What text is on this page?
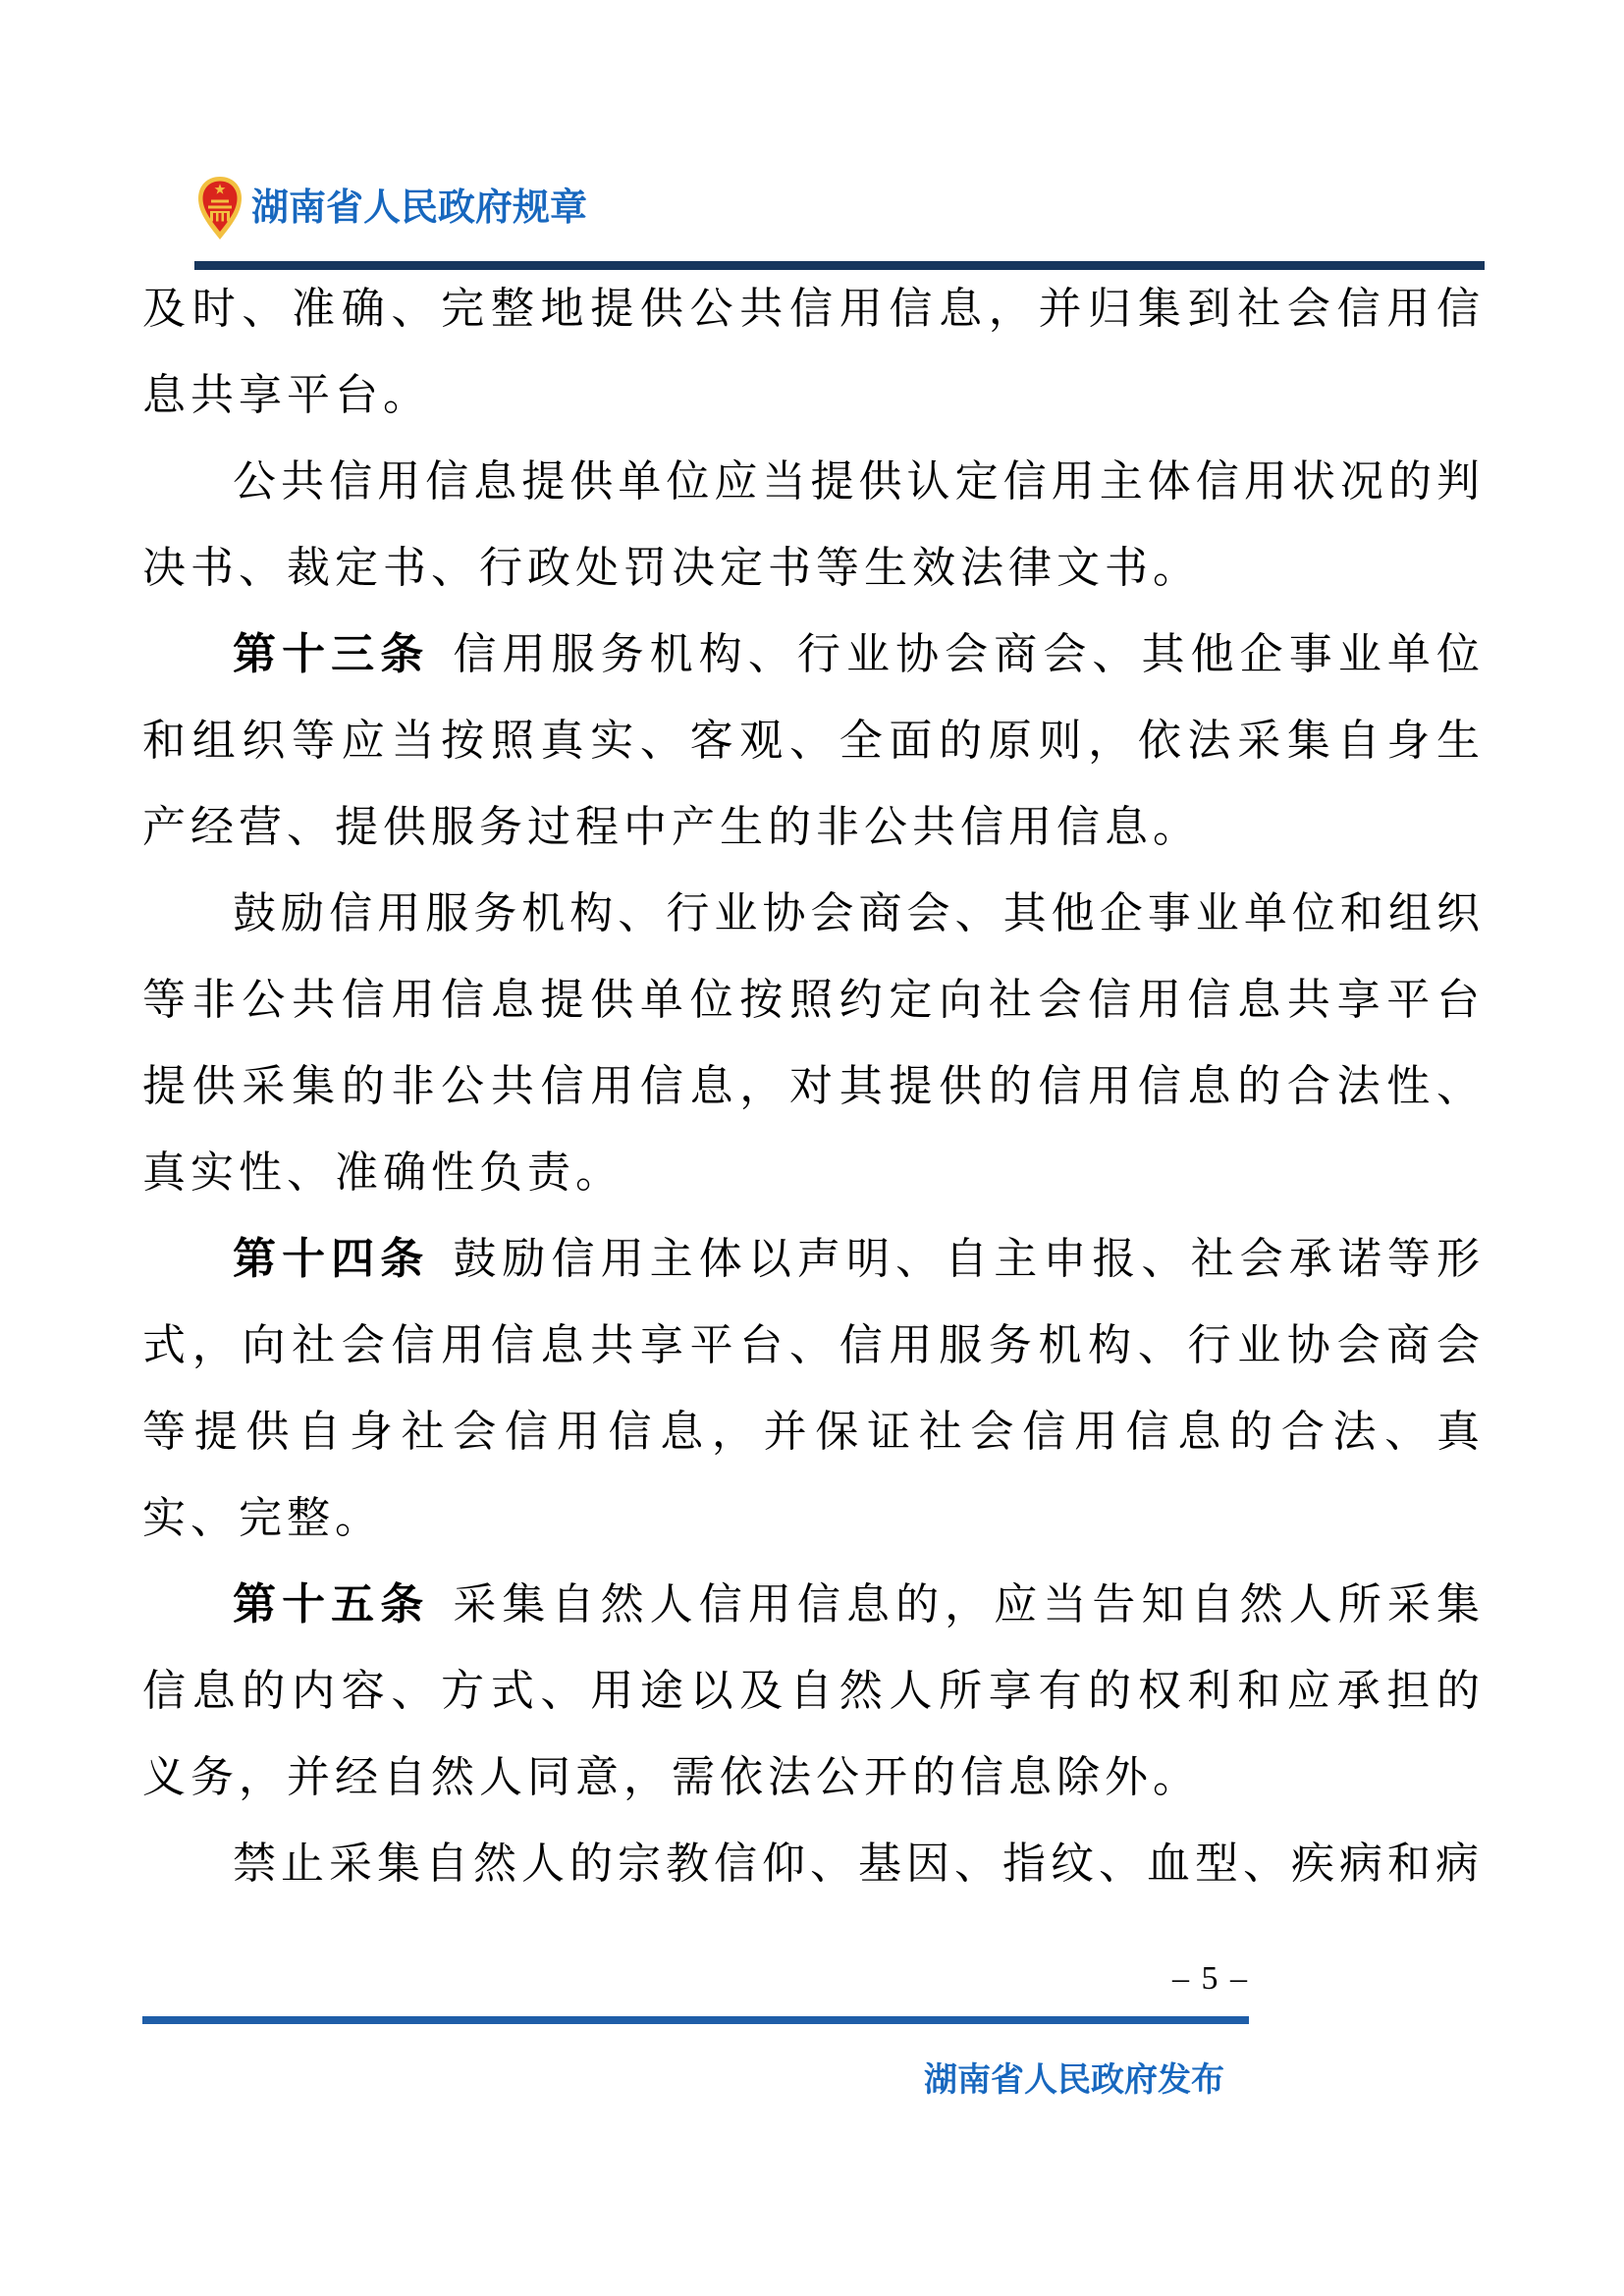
湖南省人民政府规章

及时、准确、完整地提供公共信用信息，并归集到社会信用信息共享平台。

公共信用信息提供单位应当提供认定信用主体信用状况的判决书、裁定书、行政处罚决定书等生效法律文书。

第十三条 信用服务机构、行业协会商会、其他企事业单位和组织等应当按照真实、客观、全面的原则，依法采集自身生产经营、提供服务过程中产生的非公共信用信息。

鼓励信用服务机构、行业协会商会、其他企事业单位和组织等非公共信用信息提供单位按照约定向社会信用信息共享平台提供采集的非公共信用信息，对其提供的信用信息的合法性、真实性、准确性负责。

第十四条 鼓励信用主体以声明、自主申报、社会承诺等形式，向社会信用信息共享平台、信用服务机构、行业协会商会等提供自身社会信用信息，并保证社会信用信息的合法、真实、完整。

第十五条 采集自然人信用信息的，应当告知自然人所采集信息的内容、方式、用途以及自然人所享有的权利和应承担的义务，并经自然人同意，需依法公开的信息除外。

禁止采集自然人的宗教信仰、基因、指纹、血型、疾病和病

– 5 –
湖南省人民政府发布
